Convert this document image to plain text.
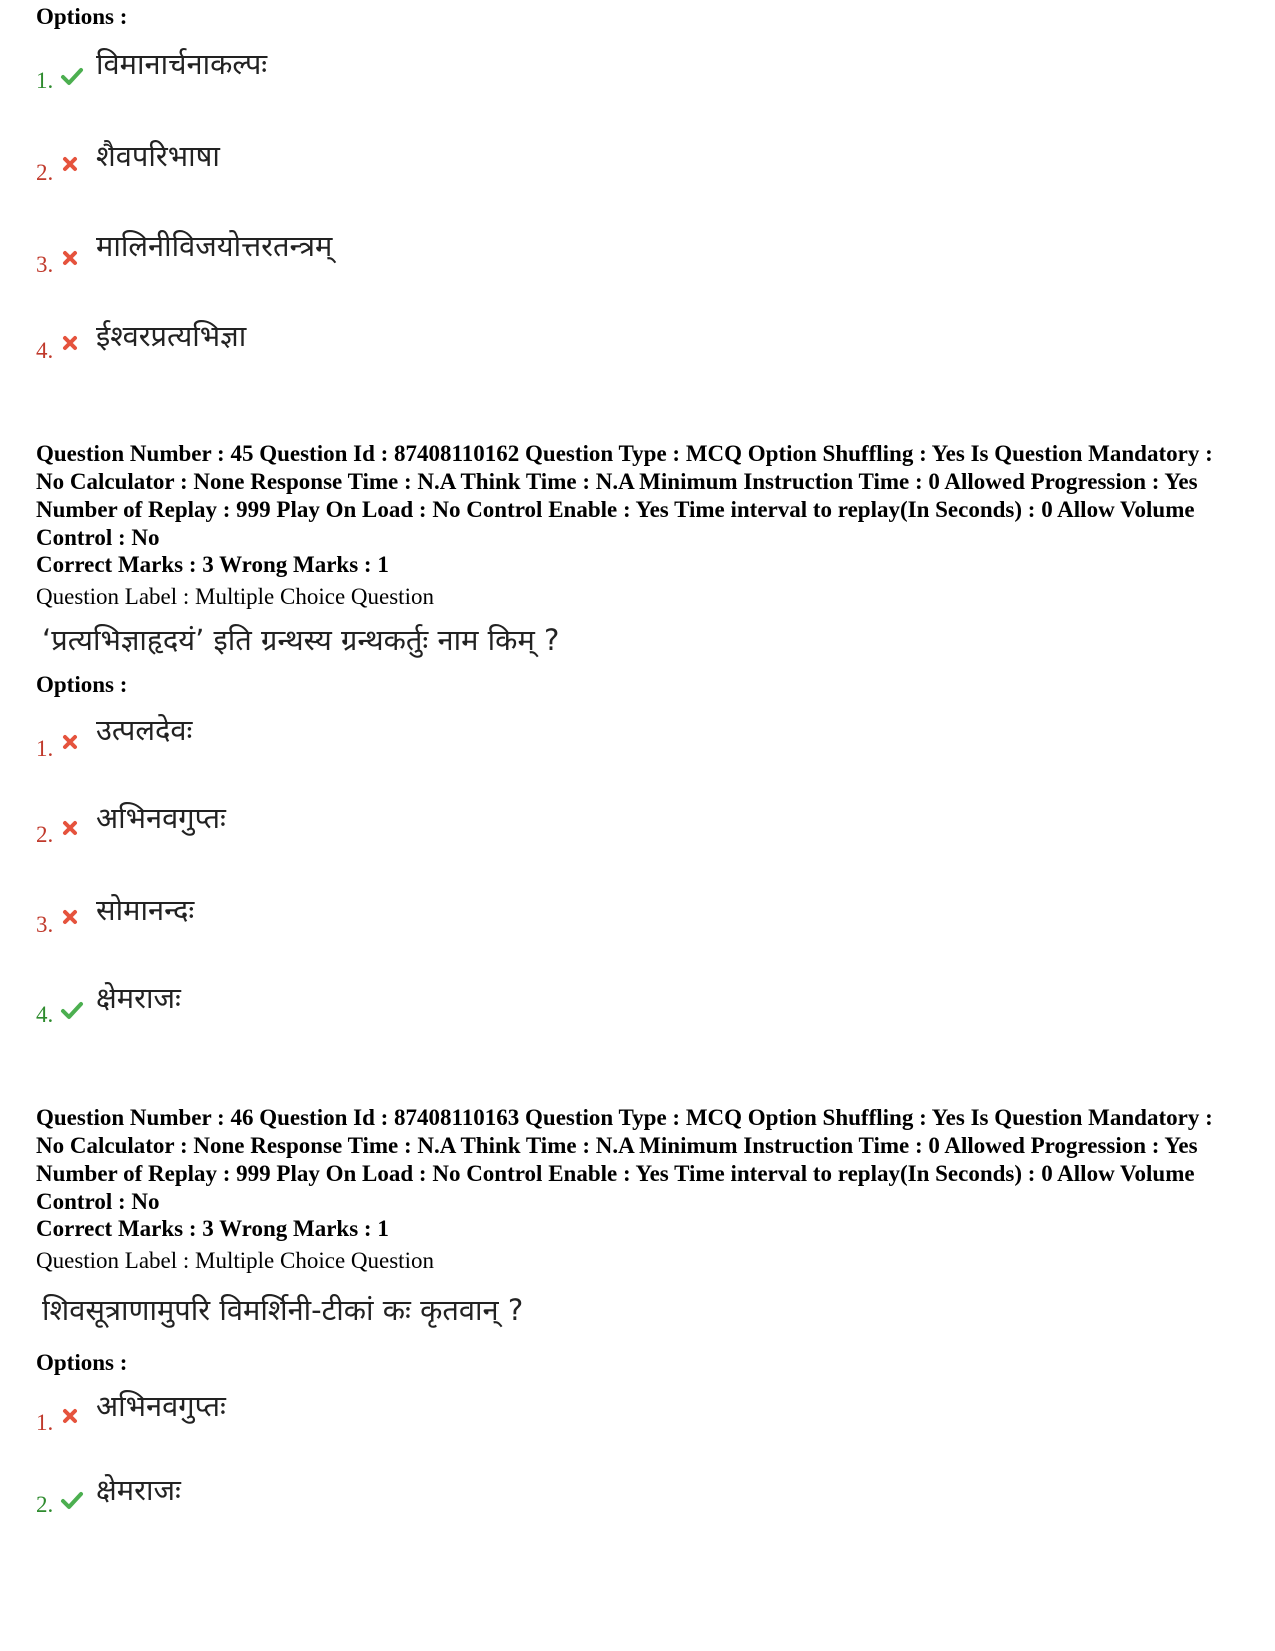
Options :
1. विमानार्चनाकल्पः
2. शैवपरिभाषा
3.
मालिनीविजयोत्तरतन्त्रम्
4. ईश्वरप्रत्यभिज्ञा
Question Number : 45 Question Id : 87408110162 Question Type : MCQ Option Shuffling : Yes Is Question Mandatory : No Calculator : None Response Time : N.A Think Time : N.A Minimum Instruction Time : 0 Allowed Progression : Yes Number of Replay : 999 Play On Load : No Control Enable : Yes Time interval to replay(In Seconds) : 0 Allow Volume Control : No
Correct Marks : 3 Wrong Marks : 1
Question Label : Multiple Choice Question
‘प्रत्यभिज्ञाहृदयं’ इति ग्रन्थस्य ग्रन्थकर्तुः नाम किम् ?
Options :
1.
उत्पलदेवः
2. अभिनवगुप्तः
3. सोमानन्दः
4. क्षेमराजः
Question Number : 46 Question Id : 87408110163 Question Type : MCQ Option Shuffling : Yes Is Question Mandatory : No Calculator : None Response Time : N.A Think Time : N.A Minimum Instruction Time : 0 Allowed Progression : Yes Number of Replay : 999 Play On Load : No Control Enable : Yes Time interval to replay(In Seconds) : 0 Allow Volume Control : No
Correct Marks : 3 Wrong Marks : 1
Question Label : Multiple Choice Question
शिवसूत्राणामुपरि विमर्शिनी-टीकां कः कृतवान् ?
Options :
1. अभिनवगुप्तः
2. क्षेमराजः
